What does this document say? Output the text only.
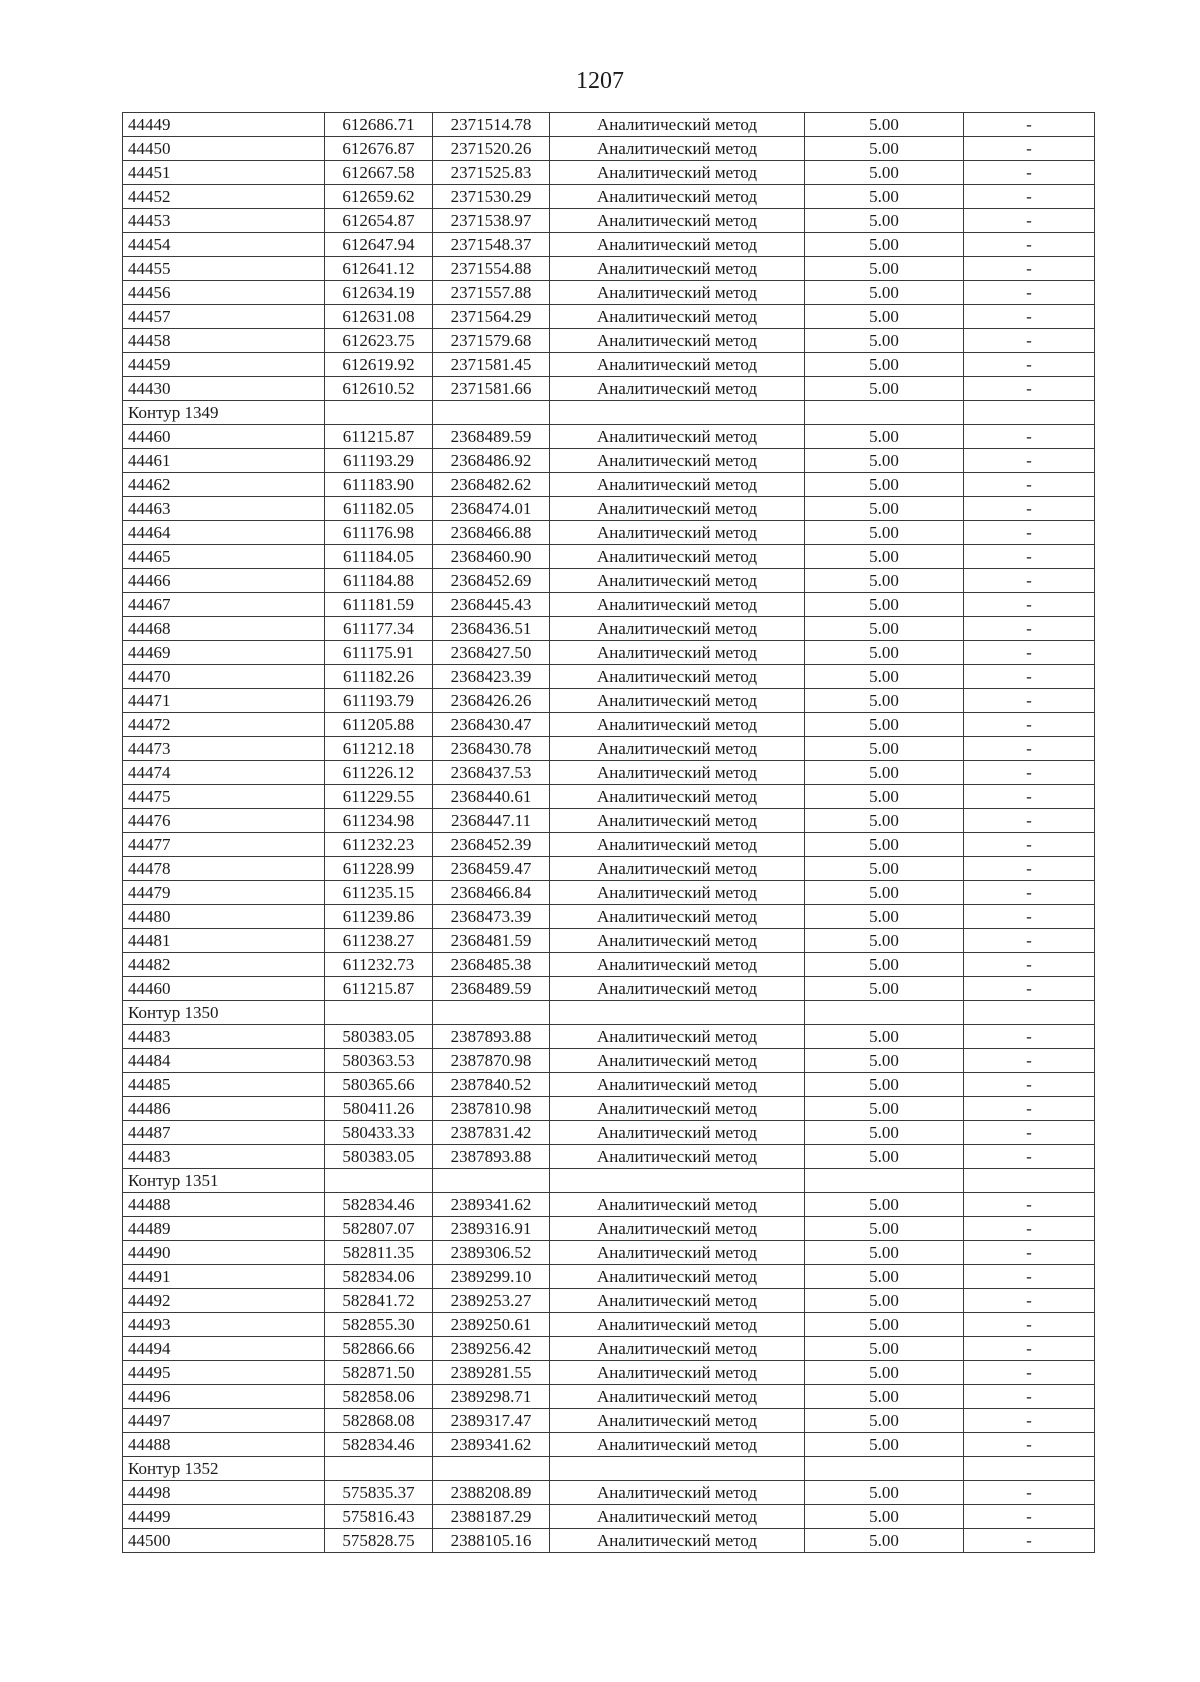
1207
44449	612686.71	2371514.78	Аналитический метод	5.00	-
44450	612676.87	2371520.26	Аналитический метод	5.00	-
44451	612667.58	2371525.83	Аналитический метод	5.00	-
44452	612659.62	2371530.29	Аналитический метод	5.00	-
44453	612654.87	2371538.97	Аналитический метод	5.00	-
44454	612647.94	2371548.37	Аналитический метод	5.00	-
44455	612641.12	2371554.88	Аналитический метод	5.00	-
44456	612634.19	2371557.88	Аналитический метод	5.00	-
44457	612631.08	2371564.29	Аналитический метод	5.00	-
44458	612623.75	2371579.68	Аналитический метод	5.00	-
44459	612619.92	2371581.45	Аналитический метод	5.00	-
44430	612610.52	2371581.66	Аналитический метод	5.00	-
Контур 1349					
44460	611215.87	2368489.59	Аналитический метод	5.00	-
44461	611193.29	2368486.92	Аналитический метод	5.00	-
44462	611183.90	2368482.62	Аналитический метод	5.00	-
44463	611182.05	2368474.01	Аналитический метод	5.00	-
44464	611176.98	2368466.88	Аналитический метод	5.00	-
44465	611184.05	2368460.90	Аналитический метод	5.00	-
44466	611184.88	2368452.69	Аналитический метод	5.00	-
44467	611181.59	2368445.43	Аналитический метод	5.00	-
44468	611177.34	2368436.51	Аналитический метод	5.00	-
44469	611175.91	2368427.50	Аналитический метод	5.00	-
44470	611182.26	2368423.39	Аналитический метод	5.00	-
44471	611193.79	2368426.26	Аналитический метод	5.00	-
44472	611205.88	2368430.47	Аналитический метод	5.00	-
44473	611212.18	2368430.78	Аналитический метод	5.00	-
44474	611226.12	2368437.53	Аналитический метод	5.00	-
44475	611229.55	2368440.61	Аналитический метод	5.00	-
44476	611234.98	2368447.11	Аналитический метод	5.00	-
44477	611232.23	2368452.39	Аналитический метод	5.00	-
44478	611228.99	2368459.47	Аналитический метод	5.00	-
44479	611235.15	2368466.84	Аналитический метод	5.00	-
44480	611239.86	2368473.39	Аналитический метод	5.00	-
44481	611238.27	2368481.59	Аналитический метод	5.00	-
44482	611232.73	2368485.38	Аналитический метод	5.00	-
44460	611215.87	2368489.59	Аналитический метод	5.00	-
Контур 1350					
44483	580383.05	2387893.88	Аналитический метод	5.00	-
44484	580363.53	2387870.98	Аналитический метод	5.00	-
44485	580365.66	2387840.52	Аналитический метод	5.00	-
44486	580411.26	2387810.98	Аналитический метод	5.00	-
44487	580433.33	2387831.42	Аналитический метод	5.00	-
44483	580383.05	2387893.88	Аналитический метод	5.00	-
Контур 1351					
44488	582834.46	2389341.62	Аналитический метод	5.00	-
44489	582807.07	2389316.91	Аналитический метод	5.00	-
44490	582811.35	2389306.52	Аналитический метод	5.00	-
44491	582834.06	2389299.10	Аналитический метод	5.00	-
44492	582841.72	2389253.27	Аналитический метод	5.00	-
44493	582855.30	2389250.61	Аналитический метод	5.00	-
44494	582866.66	2389256.42	Аналитический метод	5.00	-
44495	582871.50	2389281.55	Аналитический метод	5.00	-
44496	582858.06	2389298.71	Аналитический метод	5.00	-
44497	582868.08	2389317.47	Аналитический метод	5.00	-
44488	582834.46	2389341.62	Аналитический метод	5.00	-
Контур 1352					
44498	575835.37	2388208.89	Аналитический метод	5.00	-
44499	575816.43	2388187.29	Аналитический метод	5.00	-
44500	575828.75	2388105.16	Аналитический метод	5.00	-
